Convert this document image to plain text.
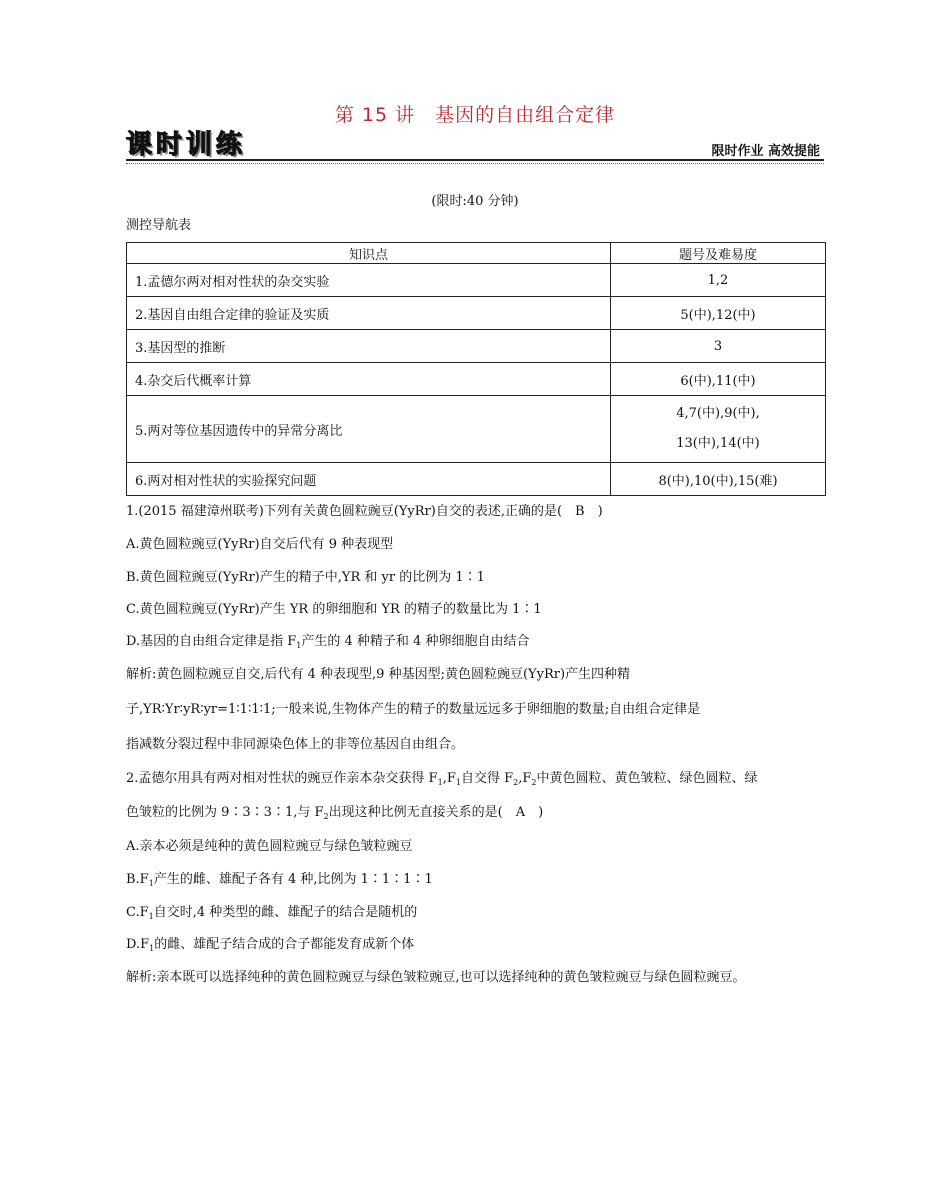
第 15 讲　基因的自由组合定律
课 时 训 练	限时作业 高效提能
(限时:40 分钟)
测控导航表
知识点	题号及难易度
1.孟德尔两对相对性状的杂交实验	1,2
2.基因自由组合定律的验证及实质	5(中),12(中)
3.基因型的推断	3
4.杂交后代概率计算	6(中),11(中)
5.两对等位基因遗传中的异常分离比	4,7(中),9(中),
13(中),14(中)

6.两对相对性状的实验探究问题	8(中),10(中),15(难)
1.(2015 福建漳州联考)下列有关黄色圆粒豌豆(YyRr)自交的表述,正确的是(　B　)
A.黄色圆粒豌豆(YyRr)自交后代有 9 种表现型
B.黄色圆粒豌豆(YyRr)产生的精子中,YR 和 yr 的比例为 1∶1
C.黄色圆粒豌豆(YyRr)产生 YR 的卵细胞和 YR 的精子的数量比为 1∶1
D.基因的自由组合定律是指 $F_1$产生的 4 种精子和 4 种卵细胞自由结合
解析:黄色圆粒豌豆自交,后代有 4 种表现型,9 种基因型;黄色圆粒豌豆(YyRr)产生四种精
子,YR∶Yr∶yR∶yr=1∶1∶1∶1;一般来说,生物体产生的精子的数量远远多于卵细胞的数量;自由组合定律是
指减数分裂过程中非同源染色体上的非等位基因自由组合。
2.孟德尔用具有两对相对性状的豌豆作亲本杂交获得 $F_1,F_1$自交得 $F_2,F_2$中黄色圆粒、黄色皱粒、绿色圆粒、绿
色皱粒的比例为 9∶3∶3∶1,与 $F_2$出现这种比例无直接关系的是(　A　)
A.亲本必须是纯种的黄色圆粒豌豆与绿色皱粒豌豆
$B.F_1$产生的雌、雄配子各有 4 种,比例为 1∶1∶1∶1
$C.F_1$自交时,4 种类型的雌、雄配子的结合是随机的
$D.F_1$的雌、雄配子结合成的合子都能发育成新个体
解析:亲本既可以选择纯种的黄色圆粒豌豆与绿色皱粒豌豆,也可以选择纯种的黄色皱粒豌豆与绿色圆粒豌豆。
